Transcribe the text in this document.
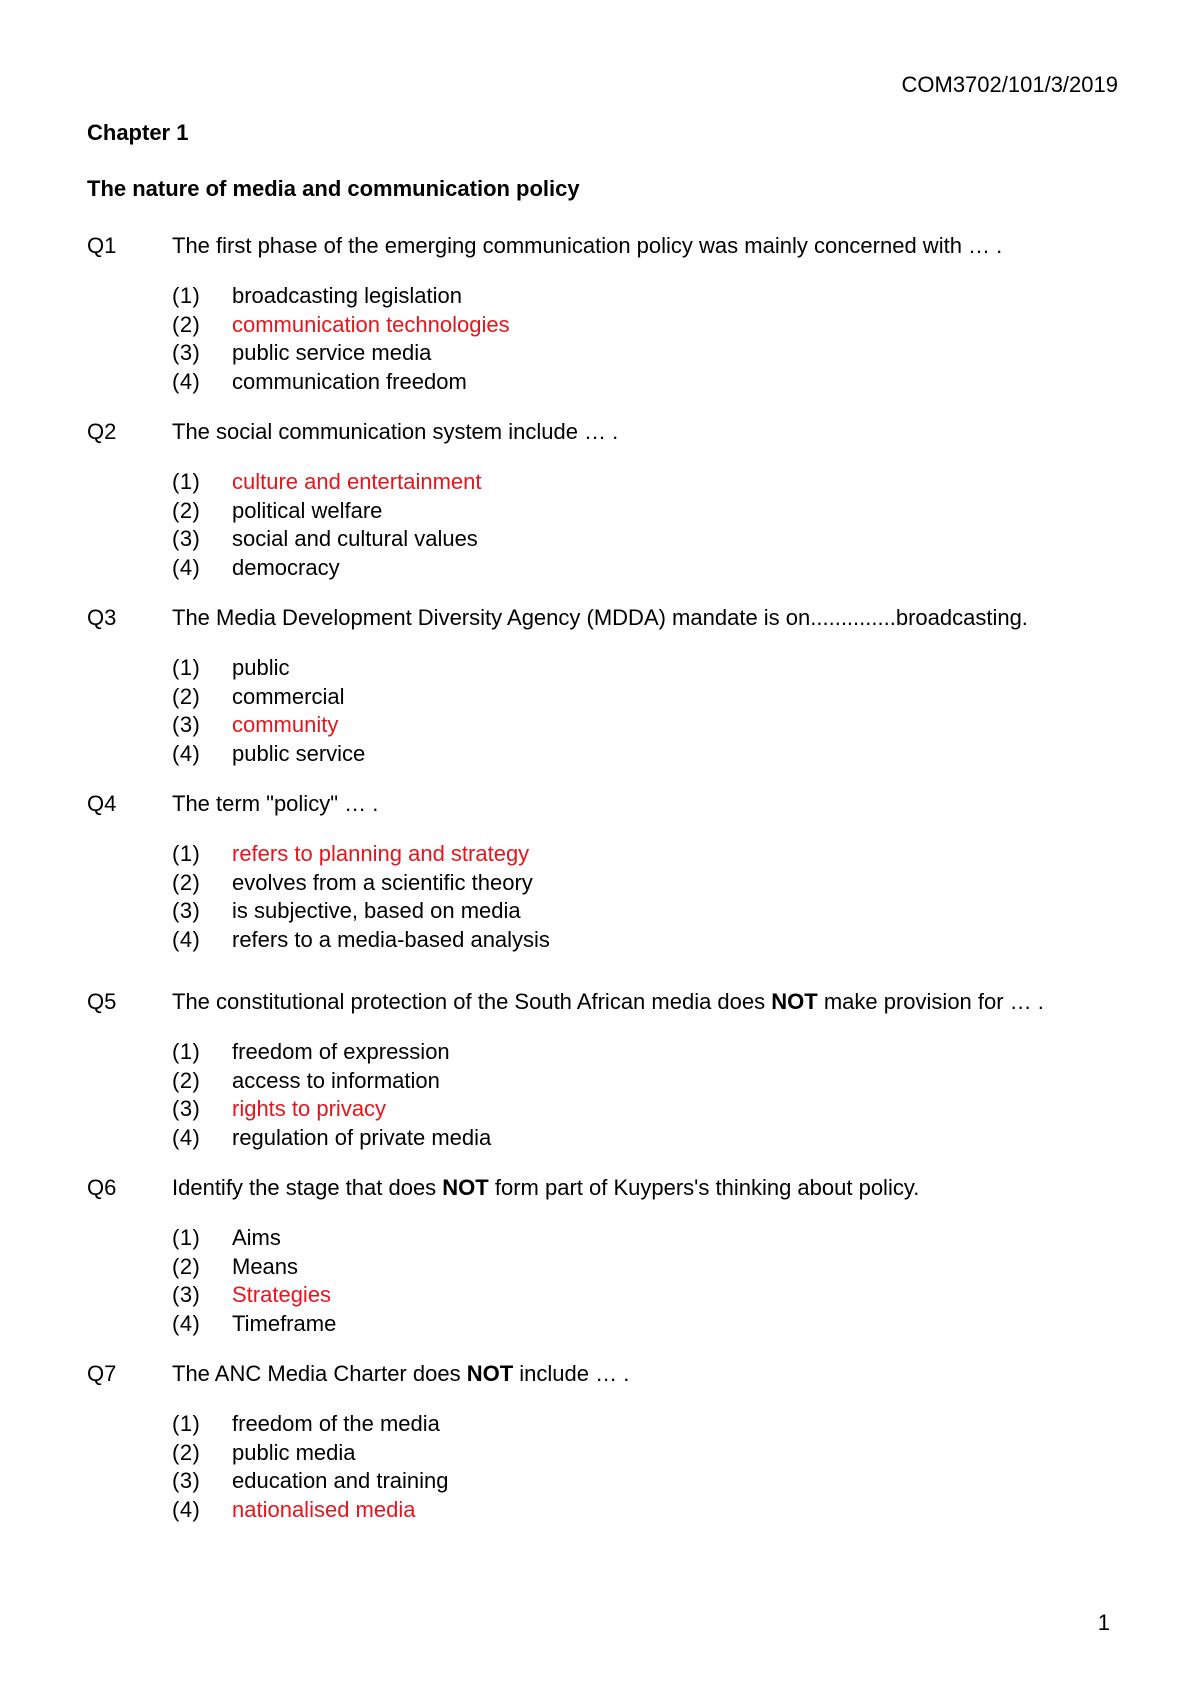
COM3702/101/3/2019
Chapter 1
The nature of media and communication policy
Q1	The first phase of the emerging communication policy was mainly concerned with … .
(1)	broadcasting legislation
(2)	communication technologies
(3)	public service media
(4)	communication freedom
Q2	The social communication system include … .
(1)	culture and entertainment
(2)	political welfare
(3)	social and cultural values
(4)	democracy
Q3	The Media Development Diversity Agency (MDDA) mandate is on..............broadcasting.
(1)	public
(2)	commercial
(3)	community
(4)	public service
Q4	The term "policy" … .
(1)	refers to planning and strategy
(2)	evolves from a scientific theory
(3)	is subjective, based on media
(4)	refers to a media-based analysis
Q5	The constitutional protection of the South African media does NOT make provision for … .
(1)	freedom of expression
(2)	access to information
(3)	rights to privacy
(4)	regulation of private media
Q6	Identify the stage that does NOT form part of Kuypers's thinking about policy.
(1)	Aims
(2)	Means
(3)	Strategies
(4)	Timeframe
Q7	The ANC Media Charter does NOT include … .
(1)	freedom of the media
(2)	public media
(3)	education and training
(4)	nationalised media
1
